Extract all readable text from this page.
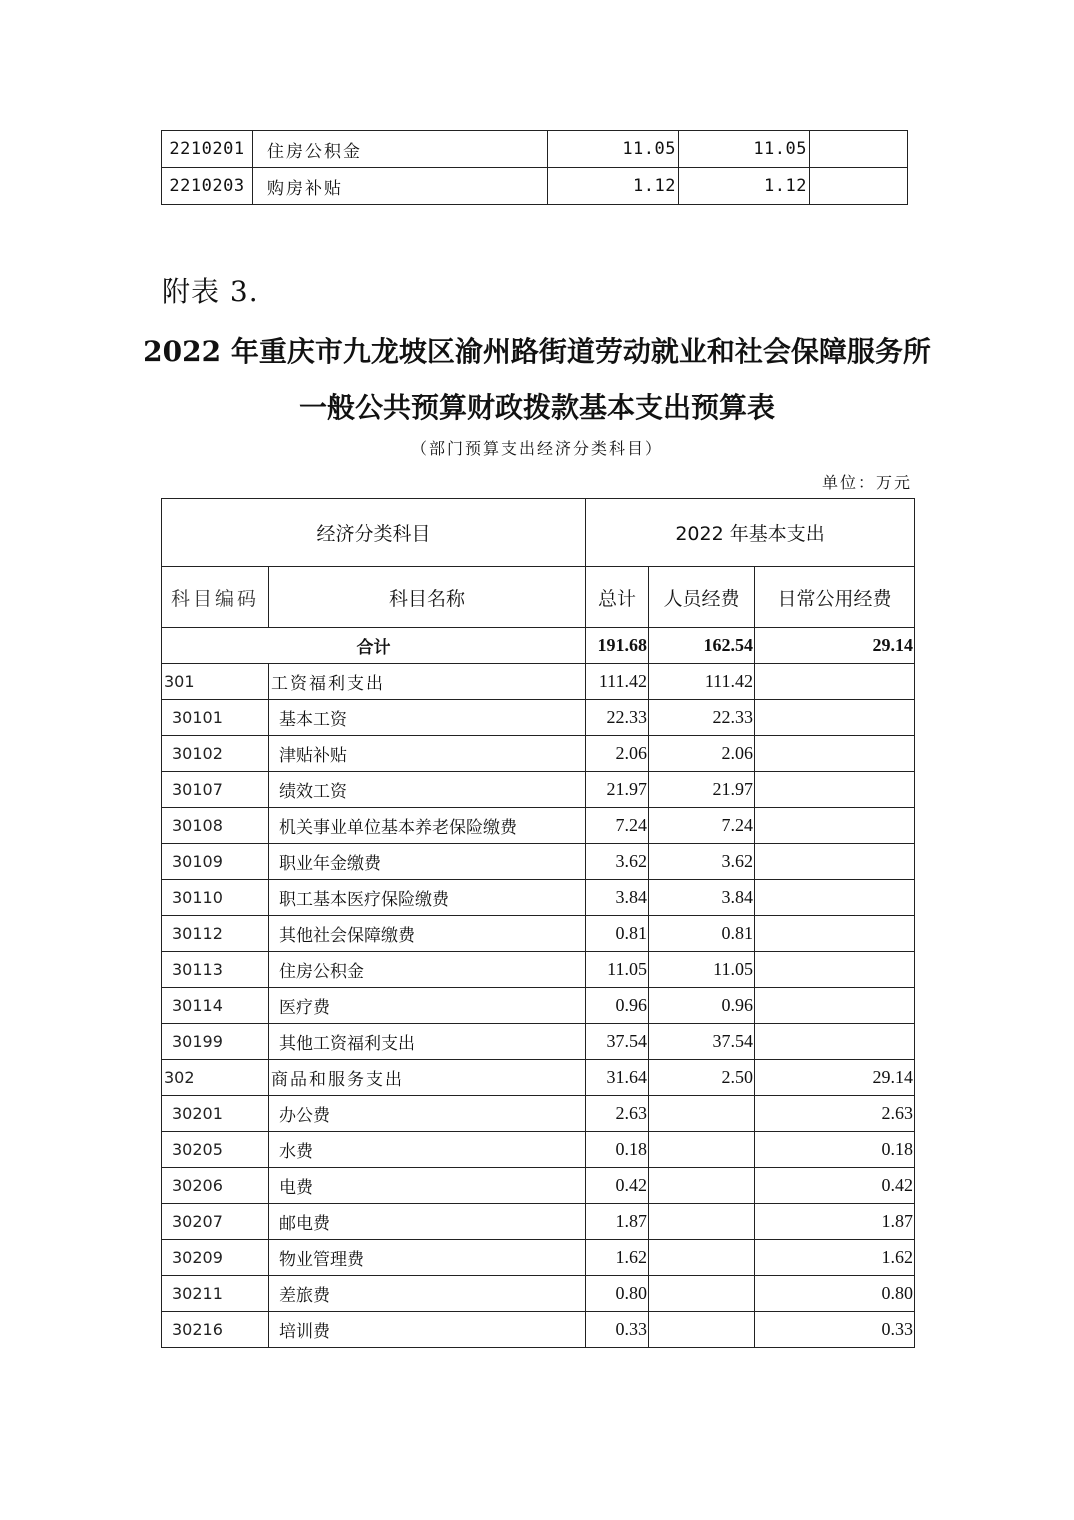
2210201	住房公积金	11.05	11.05	
2210203	购房补贴	1.12	1.12	
附表 3.
2022 年重庆市九龙坡区渝州路街道劳动就业和社会保障服务所
一般公共预算财政拨款基本支出预算表
（部门预算支出经济分类科目）
单位：万元
经济分类科目		2022 年基本支出		
科目编码	科目名称	总计	人员经费	日常公用经费
合计		191.68	162.54	29.14
301	工资福利支出	111.42	111.42	
30101	基本工资	22.33	22.33	
30102	津贴补贴	2.06	2.06	
30107	绩效工资	21.97	21.97	
30108	机关事业单位基本养老保险缴费	7.24	7.24	
30109	职业年金缴费	3.62	3.62	
30110	职工基本医疗保险缴费	3.84	3.84	
30112	其他社会保障缴费	0.81	0.81	
30113	住房公积金	11.05	11.05	
30114	医疗费	0.96	0.96	
30199	其他工资福利支出	37.54	37.54	
302	商品和服务支出	31.64	2.50	29.14
30201	办公费	2.63		2.63
30205	水费	0.18		0.18
30206	电费	0.42		0.42
30207	邮电费	1.87		1.87
30209	物业管理费	1.62		1.62
30211	差旅费	0.80		0.80
30216	培训费	0.33		0.33
